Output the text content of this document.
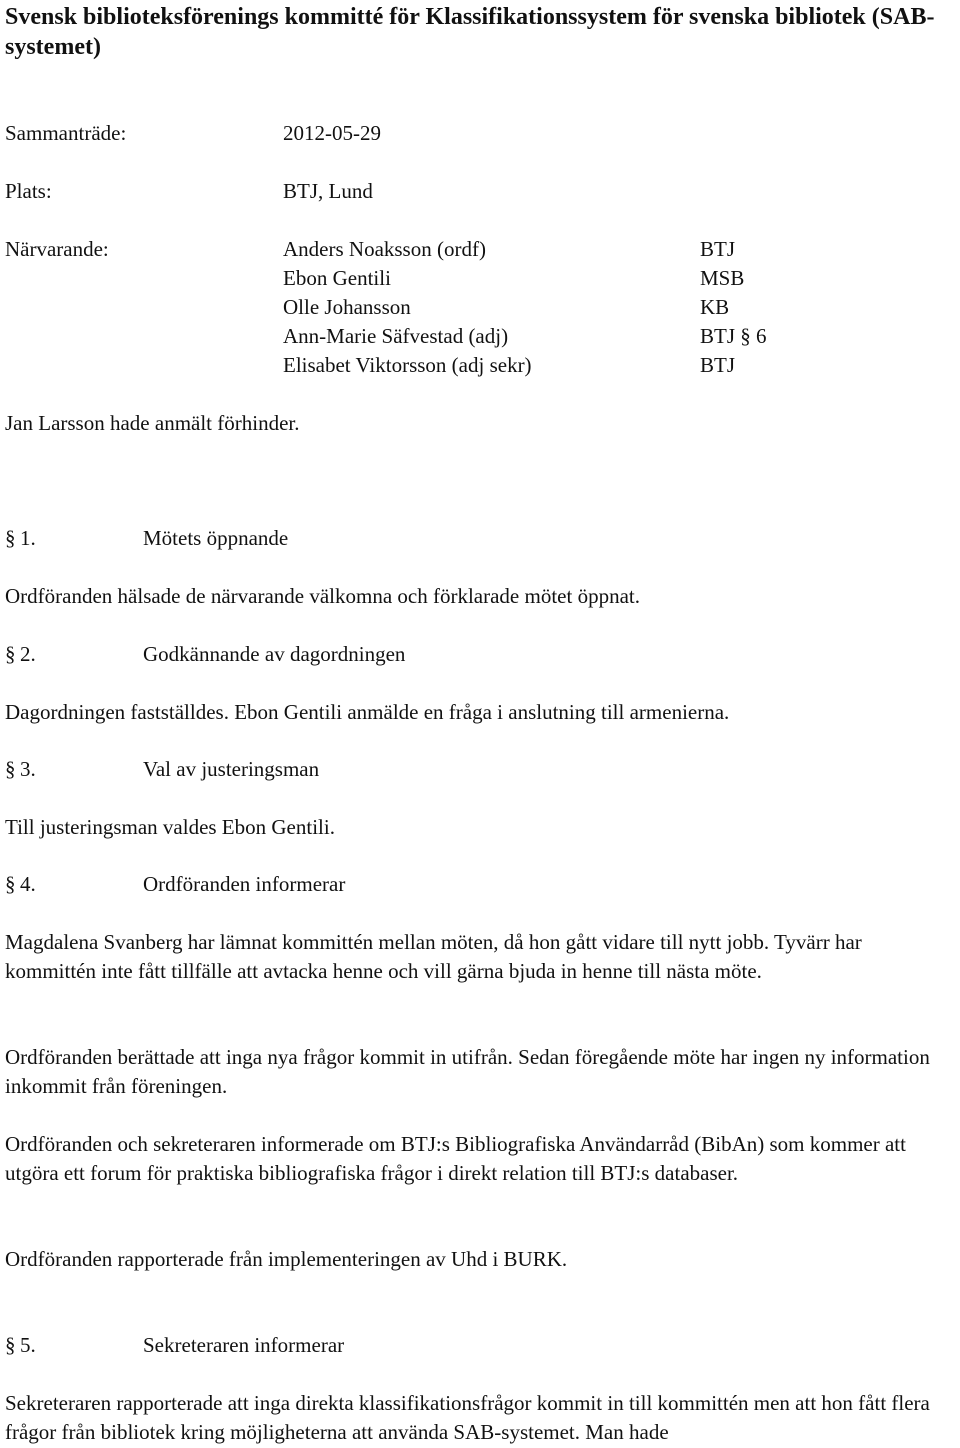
Svensk biblioteksförenings kommitté för Klassifikationssystem för svenska bibliotek (SAB-systemet)
Sammanträde:	2012-05-29
Plats:	BTJ, Lund
Närvarande:	Anders Noaksson (ordf)	BTJ
Ebon Gentili	MSB
Olle Johansson	KB
Ann-Marie Säfvestad (adj)	BTJ § 6
Elisabet Viktorsson (adj sekr)	BTJ

Jan Larsson hade anmält förhinder.

§ 1.	Mötets öppnande

Ordföranden hälsade de närvarande välkomna och förklarade mötet öppnat.

§ 2.	Godkännande av dagordningen

Dagordningen fastställdes. Ebon Gentili anmälde en fråga i anslutning till armenierna.

§ 3.	Val av justeringsman

Till justeringsman valdes Ebon Gentili.

§ 4.	Ordföranden informerar

Magdalena Svanberg har lämnat kommittén mellan möten, då hon gått vidare till nytt jobb. Tyvärr har kommittén inte fått tillfälle att avtacka henne och vill gärna bjuda in henne till nästa möte.

Ordföranden berättade att inga nya frågor kommit in utifrån. Sedan föregående möte har ingen ny information inkommit från föreningen.

Ordföranden och sekreteraren informerade om BTJ:s Bibliografiska Användarråd (BibAn) som kommer att utgöra ett forum för praktiska bibliografiska frågor i direkt relation till BTJ:s databaser.

Ordföranden rapporterade från implementeringen av Uhd i BURK.

§ 5.	Sekreteraren informerar

Sekreteraren rapporterade att inga direkta klassifikationsfrågor kommit in till kommittén men att hon fått flera frågor från bibliotek kring möjligheterna att använda SAB-systemet. Man hade
